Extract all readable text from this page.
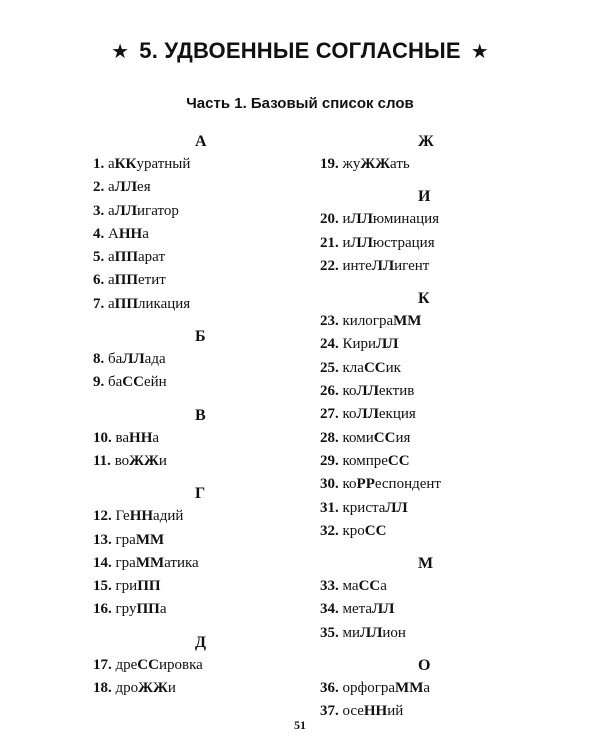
★ 5. УДВОЕННЫЕ СОГЛАСНЫЕ ★
Часть 1. Базовый список слов
А
1. аККуратный
2. аЛЛея
3. аЛЛигатор
4. АННа
5. аППарат
6. аППетит
7. аППликация
Б
8. баЛЛада
9. баССейн
В
10. ваННа
11. воЖЖи
Г
12. ГеННадий
13. граММ
14. граММатика
15. гриПП
16. груППа
Д
17. дреССировка
18. дроЖЖи
Ж
19. жуЖЖать
И
20. иЛЛюминация
21. иЛЛюстрация
22. интеЛЛигент
К
23. килограММ
24. КириЛЛ
25. клаССик
26. коЛЛектив
27. коЛЛекция
28. комиССия
29. компреСС
30. коРРеспондент
31. кристаЛЛ
32. кроСС
М
33. маССа
34. метаЛЛ
35. миЛЛион
О
36. орфограММа
37. осеННий
51
